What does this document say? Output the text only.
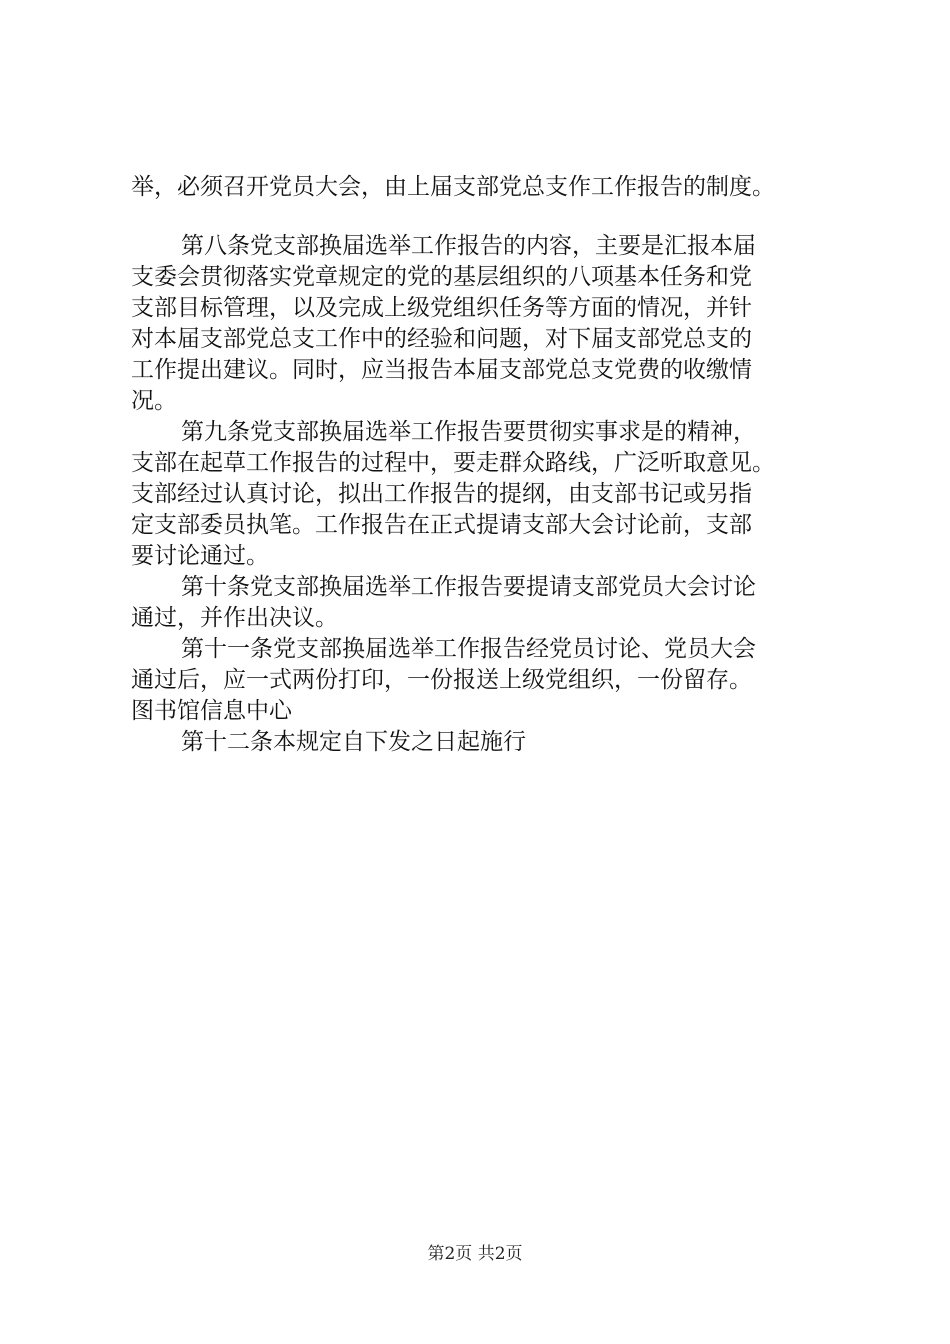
举，必须召开党员大会，由上届支部党总支作工作报告的制度。
第八条党支部换届选举工作报告的内容，主要是汇报本届
支委会贯彻落实党章规定的党的基层组织的八项基本任务和党
支部目标管理，以及完成上级党组织任务等方面的情况，并针
对本届支部党总支工作中的经验和问题，对下届支部党总支的
工作提出建议。同时，应当报告本届支部党总支党费的收缴情
况。
第九条党支部换届选举工作报告要贯彻实事求是的精神，
支部在起草工作报告的过程中，要走群众路线，广泛听取意见。
支部经过认真讨论，拟出工作报告的提纲，由支部书记或另指
定支部委员执笔。工作报告在正式提请支部大会讨论前，支部
要讨论通过。
第十条党支部换届选举工作报告要提请支部党员大会讨论
通过，并作出决议。
第十一条党支部换届选举工作报告经党员讨论、党员大会
通过后，应一式两份打印，一份报送上级党组织，一份留存。
图书馆信息中心
第十二条本规定自下发之日起施行
第2页 共2页
